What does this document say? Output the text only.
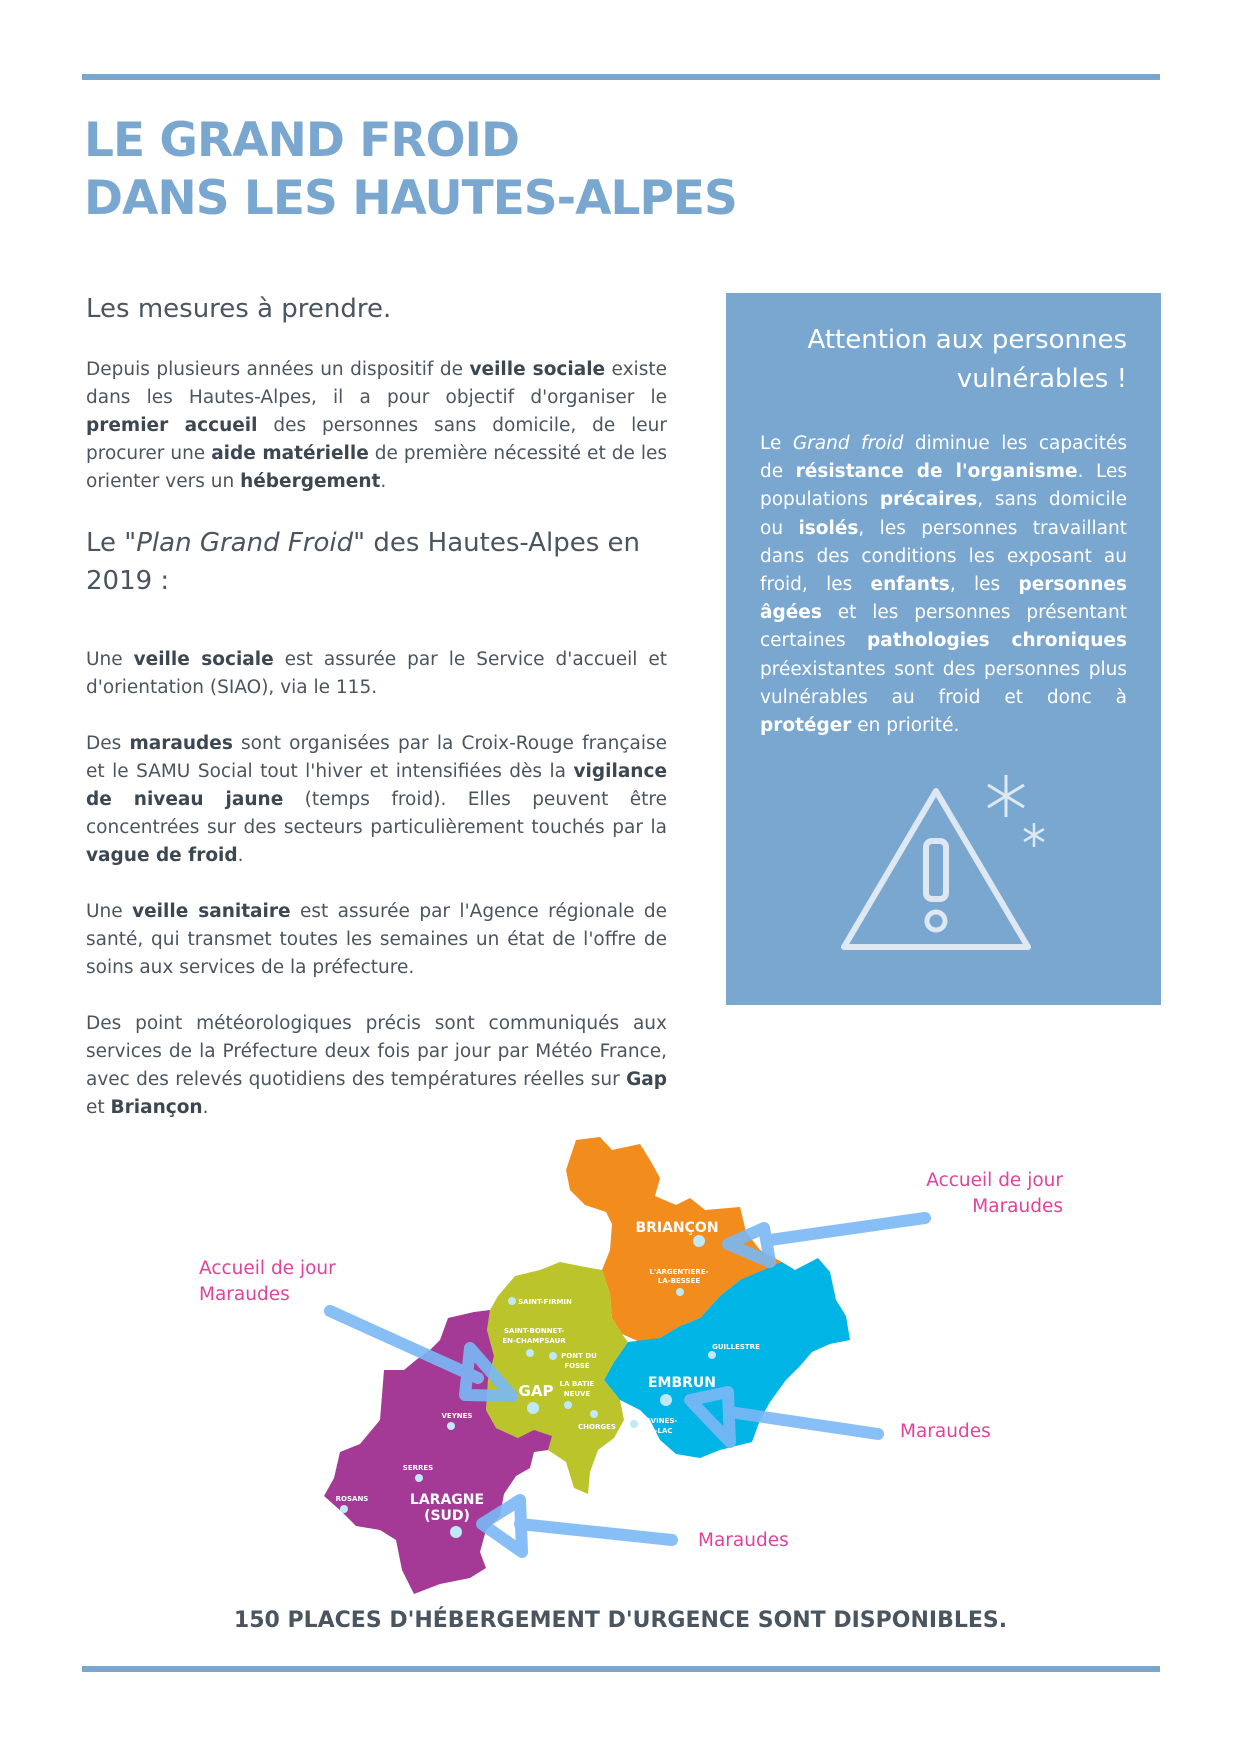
LE GRAND FROID
DANS LES HAUTES-ALPES
Les mesures à prendre.
Depuis plusieurs années un dispositif de veille sociale existe dans les Hautes-Alpes, il a pour objectif d'organiser le premier accueil des personnes sans domicile, de leur procurer une aide matérielle de première nécessité et de les orienter vers un hébergement.
Le "Plan Grand Froid" des Hautes-Alpes en 2019 :
Une veille sociale est assurée par le Service d'accueil et d'orientation (SIAO), via le 115.
Des maraudes sont organisées par la Croix-Rouge française et le SAMU Social tout l'hiver et intensifiées dès la vigilance de niveau jaune (temps froid). Elles peuvent être concentrées sur des secteurs particulièrement touchés par la vague de froid.
Une veille sanitaire est assurée par l'Agence régionale de santé, qui transmet toutes les semaines un état de l'offre de soins aux services de la préfecture.
Des point météorologiques précis sont communiqués aux services de la Préfecture deux fois par jour par Météo France, avec des relevés quotidiens des températures réelles sur Gap et Briançon.
Attention aux personnes
vulnérables !
Le Grand froid diminue les capacités de résistance de l'organisme. Les populations précaires, sans domicile ou isolés, les personnes travaillant dans des conditions les exposant au froid, les enfants, les personnes âgées et les personnes présentant certaines pathologies chroniques préexistantes sont des personnes plus vulnérables au froid et donc à protéger en priorité.
BRIANÇON
L'ARGENTIERE-
LA-BESSEE
EMBRUN
GUILLESTRE
SAVINES-
LE-LAC
GAP
SAINT-FIRMIN
SAINT-BONNET-
EN-CHAMPSAUR
PONT DU
FOSSÉ
LA BATIE
NEUVE
CHORGES
VEYNES
SERRES
ROSANS	LARAGNE
(SUD)
Accueil de jour
Maraudes
Accueil de jour
Maraudes
Maraudes
Maraudes
150 PLACES D'HÉBERGEMENT D'URGENCE SONT DISPONIBLES.
